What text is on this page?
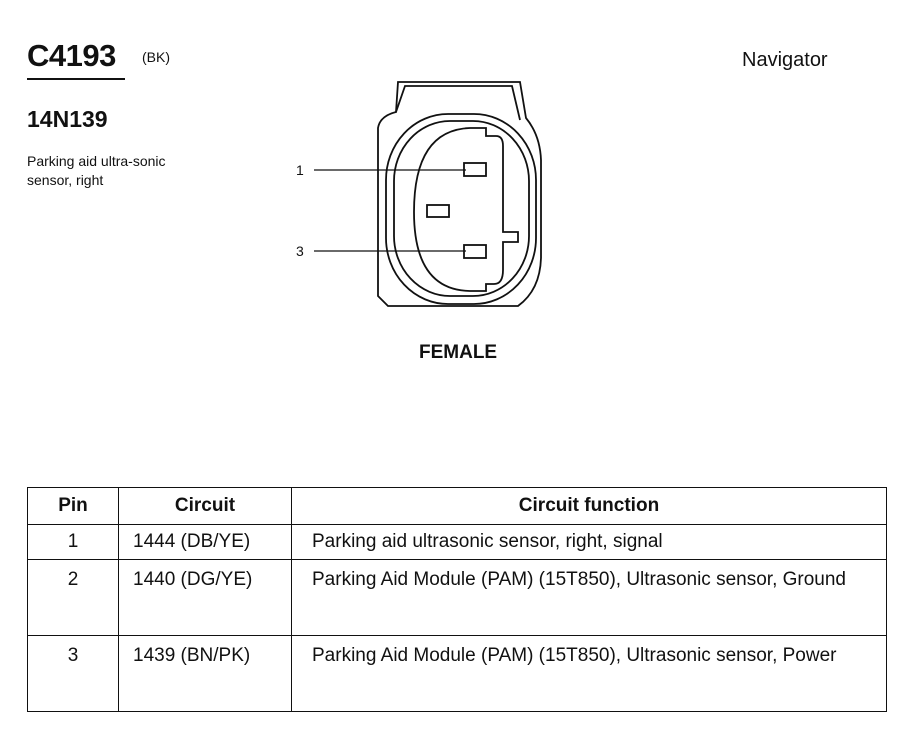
C4193 (BK)	Navigator
14N139
Parking aid ultra-sonic sensor, right
1
3
FEMALE
Pin	Circuit	Circuit function
1	1444 (DB/YE)	Parking aid ultrasonic sensor, right, signal
2	1440 (DG/YE)	Parking Aid Module (PAM) (15T850), Ultrasonic sensor, Ground
3	1439 (BN/PK)	Parking Aid Module (PAM) (15T850), Ultrasonic sensor, Power
